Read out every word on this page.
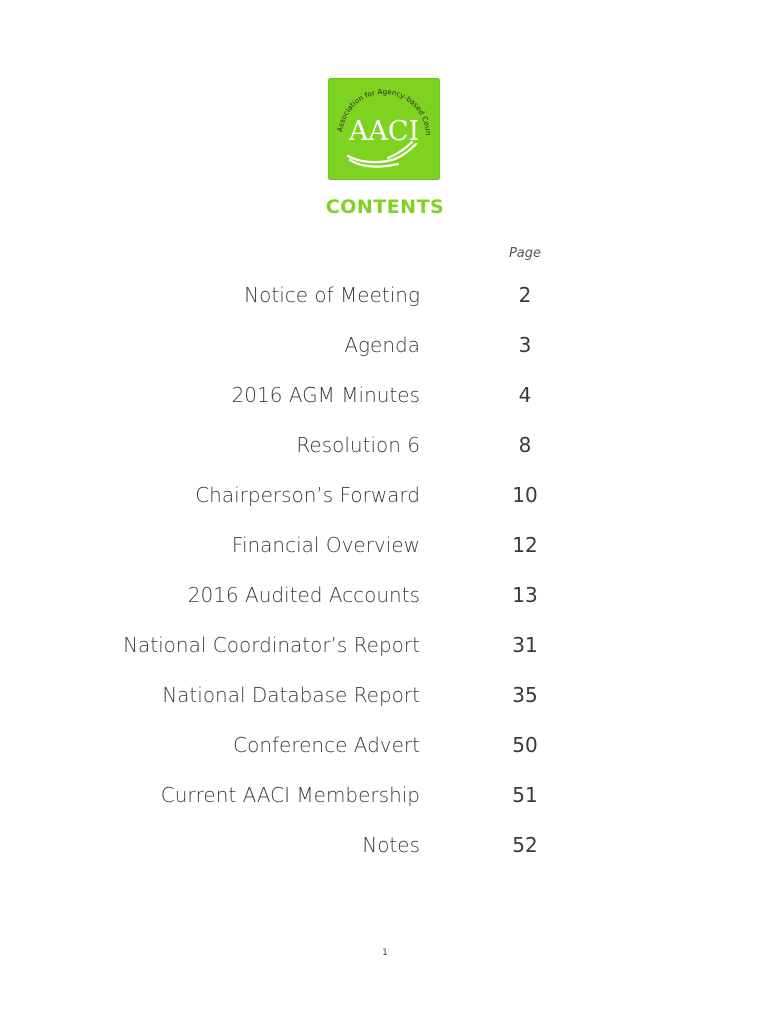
Association for Agency-based Coun
AACI
CONTENTS
Page
Notice of Meeting	2
Agenda	3
2016 AGM Minutes	4
Resolution 6	8
Chairperson’s Forward	10
Financial Overview	12
2016 Audited Accounts	13
National Coordinator’s Report	31
National Database Report	35
Conference Advert	50
Current AACI Membership	51
Notes	52
1
